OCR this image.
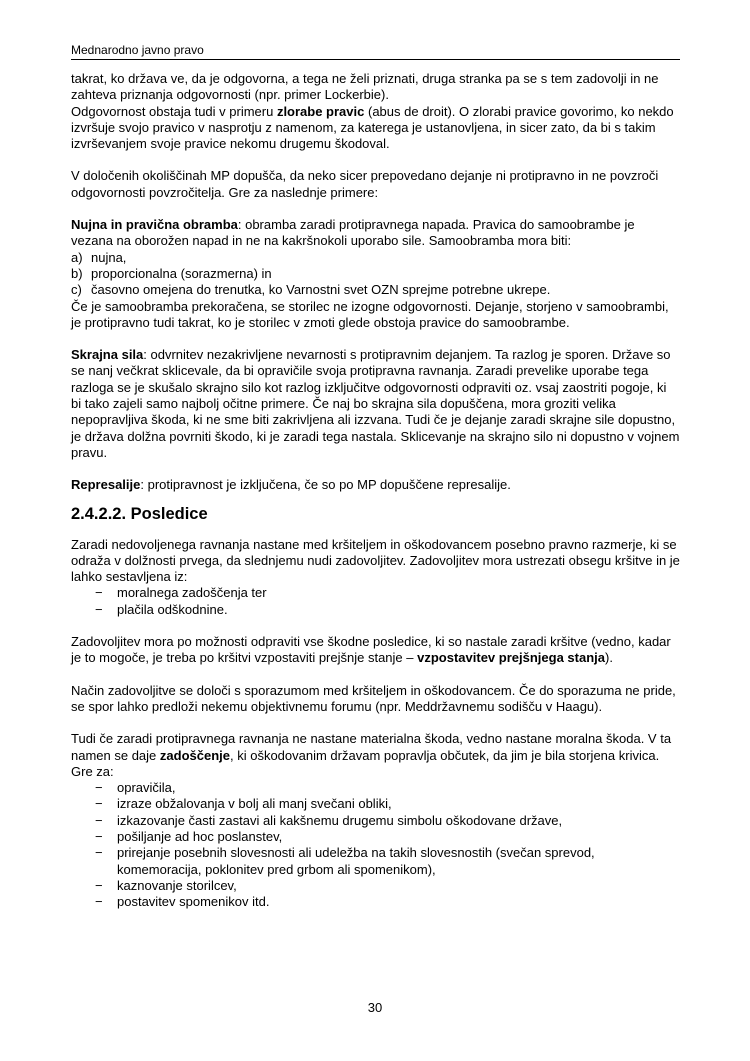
Mednarodno javno pravo

takrat, ko država ve, da je odgovorna, a tega ne želi priznati, druga stranka pa se s tem zadovolji in ne zahteva priznanja odgovornosti (npr. primer Lockerbie).

Odgovornost obstaja tudi v primeru zlorabe pravic (abus de droit). O zlorabi pravice govorimo, ko nekdo izvršuje svojo pravico v nasprotju z namenom, za katerega je ustanovljena, in sicer zato, da bi s takim izvrševanjem svoje pravice nekomu drugemu škodoval.

V določenih okoliščinah MP dopušča, da neko sicer prepovedano dejanje ni protipravno in ne povzroči odgovornosti povzročitelja. Gre za naslednje primere:

Nujna in pravična obramba: obramba zaradi protipravnega napada. Pravica do samoobrambe je vezana na oborožen napad in ne na kakršnokoli uporabo sile. Samoobramba mora biti:

a) nujna,

b) proporcionalna (sorazmerna) in

c) časovno omejena do trenutka, ko Varnostni svet OZN sprejme potrebne ukrepe.

Če je samoobramba prekoračena, se storilec ne izogne odgovornosti. Dejanje, storjeno v samoobrambi, je protipravno tudi takrat, ko je storilec v zmoti glede obstoja pravice do samoobrambe.

Skrajna sila: odvrnitev nezakrivljene nevarnosti s protipravnim dejanjem. Ta razlog je sporen. Države so se nanj večkrat sklicevale, da bi opravičile svoja protipravna ravnanja. Zaradi prevelike uporabe tega razloga se je skušalo skrajno silo kot razlog izključitve odgovornosti odpraviti oz. vsaj zaostriti pogoje, ki bi tako zajeli samo najbolj očitne primere. Če naj bo skrajna sila dopuščena, mora groziti velika nepopravljiva škoda, ki ne sme biti zakrivljena ali izzvana. Tudi če je dejanje zaradi skrajne sile dopustno, je država dolžna povrniti škodo, ki je zaradi tega nastala. Sklicevanje na skrajno silo ni dopustno v vojnem pravu.

Represalije: protipravnost je izključena, če so po MP dopuščene represalije.

2.4.2.2. Posledice

Zaradi nedovoljenega ravnanja nastane med kršiteljem in oškodovancem posebno pravno razmerje, ki se odraža v dolžnosti prvega, da slednjemu nudi zadovoljitev. Zadovoljitev mora ustrezati obsegu kršitve in je lahko sestavljena iz:

− moralnega zadoščenja ter

− plačila odškodnine.

Zadovoljitev mora po možnosti odpraviti vse škodne posledice, ki so nastale zaradi kršitve (vedno, kadar je to mogoče, je treba po kršitvi vzpostaviti prejšnje stanje – vzpostavitev prejšnjega stanja).

Način zadovoljitve se določi s sporazumom med kršiteljem in oškodovancem. Če do sporazuma ne pride, se spor lahko predloži nekemu objektivnemu forumu (npr. Meddržavnemu sodišču v Haagu).

Tudi če zaradi protipravnega ravnanja ne nastane materialna škoda, vedno nastane moralna škoda. V ta namen se daje zadoščenje, ki oškodovanim državam popravlja občutek, da jim je bila storjena krivica. Gre za:

− opravičila,

− izraze obžalovanja v bolj ali manj svečani obliki,

− izkazovanje časti zastavi ali kakšnemu drugemu simbolu oškodovane države,

− pošiljanje ad hoc poslanstev,

− prirejanje posebnih slovesnosti ali udeležba na takih slovesnostih (svečan sprevod, komemoracija, poklonitev pred grbom ali spomenikom),

− kaznovanje storilcev,

− postavitev spomenikov itd.

30
